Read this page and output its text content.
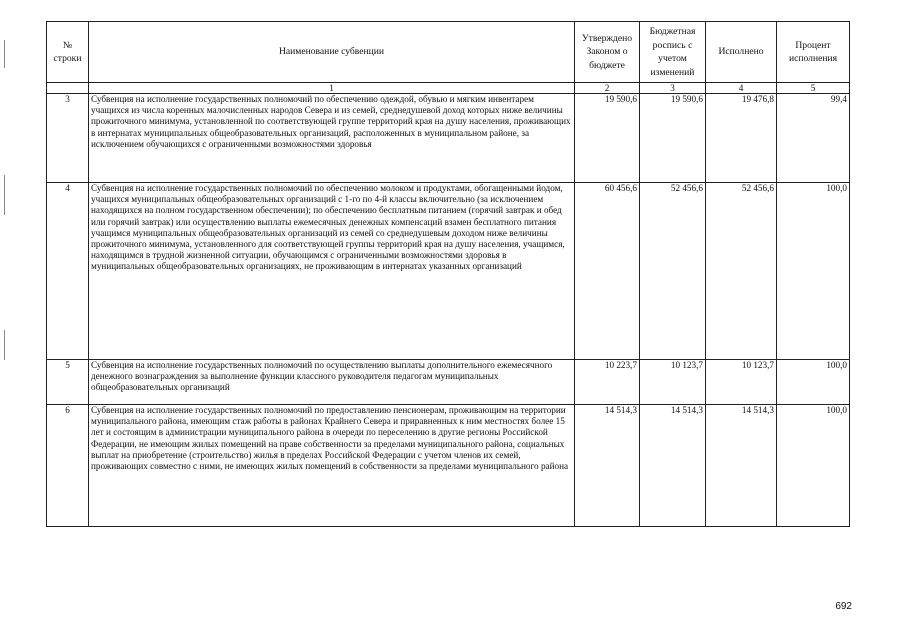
№ строки	Наименование субвенции	Утверждено Законом о бюджете	Бюджетная роспись с учетом изменений	Исполнено	Процент исполнения
	1	2	3	4	5
3	Субвенция на исполнение государственных полномочий по обеспечению одеждой, обувью и мягким инвентарем учащихся из числа коренных малочисленных народов Севера и из семей, среднедушевой доход которых ниже величины прожиточного минимума, установленной по соответствующей группе территорий края на душу населения, проживающих в интернатах муниципальных общеобразовательных организаций, расположенных в муниципальном районе, за исключением обучающихся с ограниченными возможностями здоровья	19 590,6	19 590,6	19 476,8	99,4
4	Субвенция на исполнение государственных полномочий по обеспечению молоком и продуктами, обогащенными йодом, учащихся муниципальных общеобразовательных организаций с 1-го по 4-й классы включительно (за исключением находящихся на полном государственном обеспечении); по обеспечению бесплатным питанием (горячий завтрак и обед или горячий завтрак) или осуществлению выплаты ежемесячных денежных компенсаций взамен бесплатного питания учащимся муниципальных общеобразовательных организаций из семей со среднедушевым доходом ниже величины прожиточного минимума, установленного для соответствующей группы территорий края на душу населения, учащимся, находящимся в трудной жизненной ситуации, обучающимся с ограниченными возможностями здоровья в муниципальных общеобразовательных организациях, не проживающим в интернатах указанных организаций	60 456,6	52 456,6	52 456,6	100,0
5	Субвенция на исполнение государственных полномочий по осуществлению выплаты дополнительного ежемесячного денежного вознаграждения за выполнение функции классного руководителя педагогам муниципальных общеобразовательных организаций	10 223,7	10 123,7	10 123,7	100,0
6	Субвенция на исполнение государственных полномочий по предоставлению пенсионерам, проживающим на территории муниципального района, имеющим стаж работы в районах Крайнего Севера и приравненных к ним местностях более 15 лет и состоящим в администрации муниципального района в очереди по переселению в другие регионы Российской Федерации, не имеющим жилых помещений на праве собственности за пределами муниципального района, социальных выплат на приобретение (строительство) жилья в пределах Российской Федерации с учетом членов их семей, проживающих совместно с ними, не имеющих жилых помещений в собственности за пределами муниципального района	14 514,3	14 514,3	14 514,3	100,0
692
